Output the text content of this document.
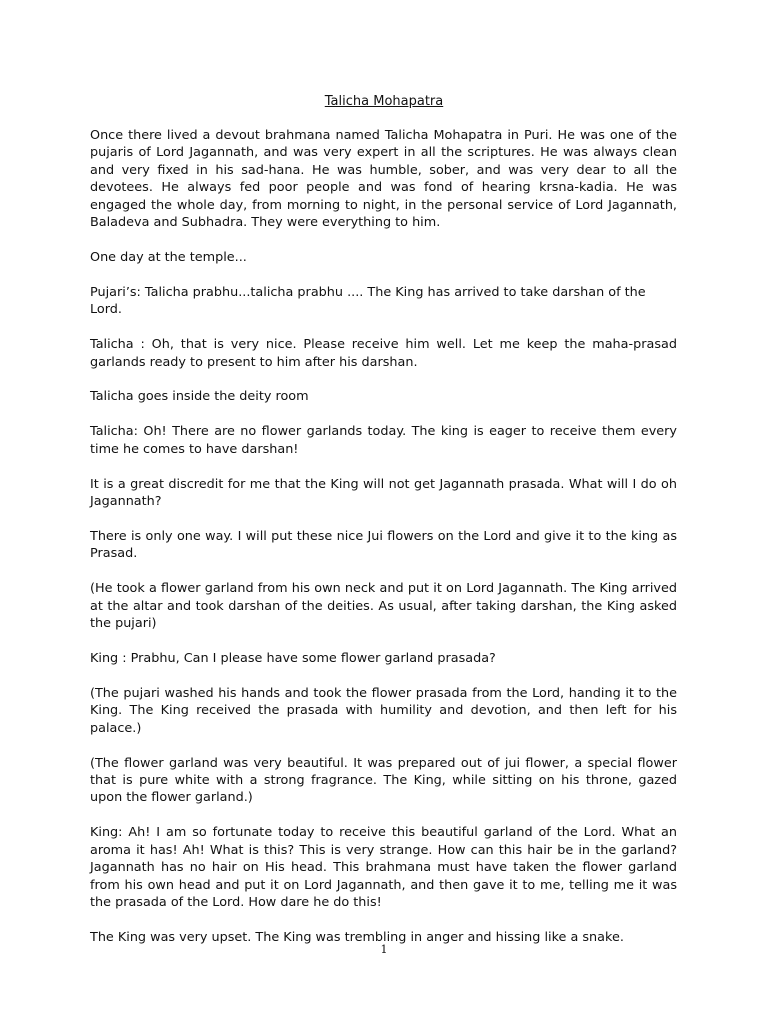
Talicha Mohapatra

Once there lived a devout brahmana named Talicha Mohapatra in Puri. He was one of the pujaris of Lord Jagannath, and was very expert in all the scriptures. He was always clean and very fixed in his sad-hana. He was humble, sober, and was very dear to all the devotees. He always fed poor people and was fond of hearing krsna-kadia. He was engaged the whole day, from morning to night, in the personal service of Lord Jagannath, Baladeva and Subhadra. They were everything to him.

One day at the temple...

Pujari’s: Talicha prabhu...talicha prabhu .... The King has arrived to take darshan of the Lord.

Talicha : Oh, that is very nice. Please receive him well. Let me keep the maha-prasad garlands ready to present to him after his darshan.

Talicha goes inside the deity room

Talicha: Oh! There are no flower garlands today. The king is eager to receive them every time he comes to have darshan!

It is a great discredit for me that the King will not get Jagannath prasada. What will I do oh Jagannath?

There is only one way. I will put these nice Jui flowers on the Lord and give it to the king as Prasad.

(He took a flower garland from his own neck and put it on Lord Jagannath. The King arrived at the altar and took darshan of the deities. As usual, after taking darshan, the King asked the pujari)

King : Prabhu, Can I please have some flower garland prasada?

(The pujari washed his hands and took the flower prasada from the Lord, handing it to the King. The King received the prasada with humility and devotion, and then left for his palace.)

(The flower garland was very beautiful. It was prepared out of jui flower, a special flower that is pure white with a strong fragrance. The King, while sitting on his throne, gazed upon the flower garland.)

King: Ah! I am so fortunate today to receive this beautiful garland of the Lord. What an aroma it has! Ah! What is this? This is very strange. How can this hair be in the garland? Jagannath has no hair on His head. This brahmana must have taken the flower garland from his own head and put it on Lord Jagannath, and then gave it to me, telling me it was the prasada of the Lord. How dare he do this!

The King was very upset. The King was trembling in anger and hissing like a snake.

1
